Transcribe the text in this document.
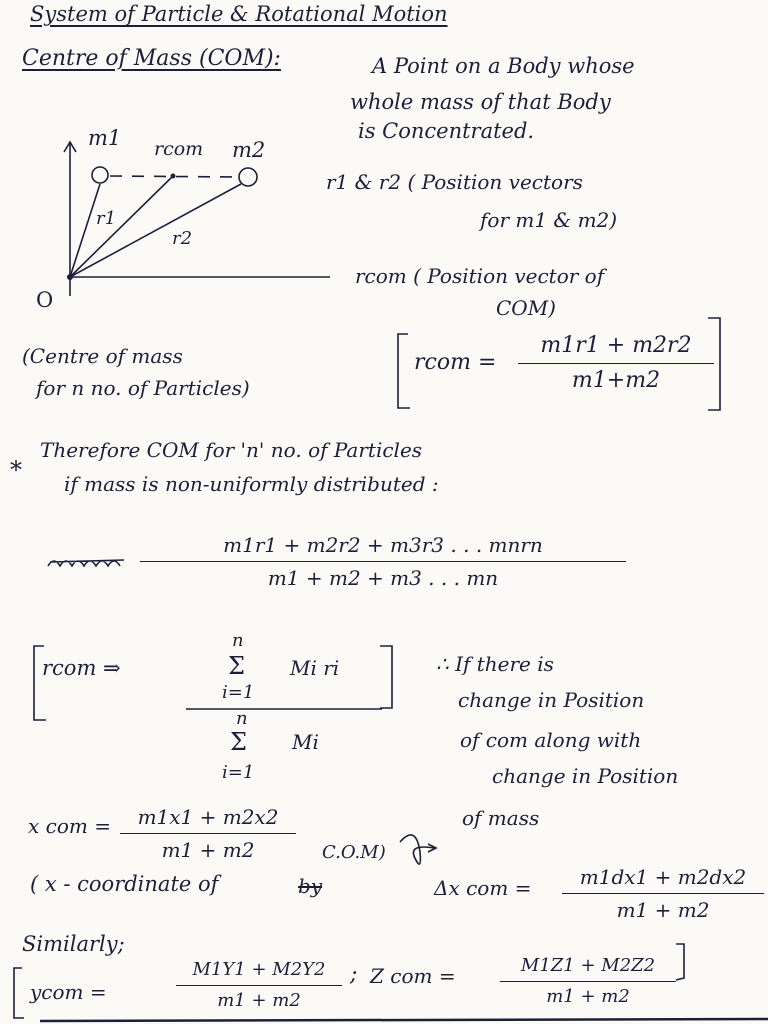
System of Particle & Rotational Motion
Centre of Mass (COM):	A Point on a Body whose
whole mass of that Body
is Concentrated.
m1 rcom m2
r1
r2
O
r1 & r2 ( Position vectors
for m1 & m2)
rcom ( Position vector of
COM)
(Centre of mass
for n no. of Particles)
rcom =
m1r1 + m2r2
m1+m2
*
Therefore COM for 'n' no. of Particles
if mass is non-uniformly distributed :
m1r1 + m2r2 + m3r3 . . . mnrn
m1 + m2 + m3 . . . mn
rcom ⇒
n
Σ Mi ri
i=1
n
Σ Mi
i=1
∴ If there is
change in Position
of com along with
change in Position
of mass
x com = m1x1 + m2x2
m1 + m2	C.O.M)
( x - coordinate of	by	Δx com = m1dx1 + m2dx2
m1 + m2
Similarly;
ycom =
M1Y1 + M2Y2
m1 + m2
; Z com =	M1Z1 + M2Z2
m1 + m2
